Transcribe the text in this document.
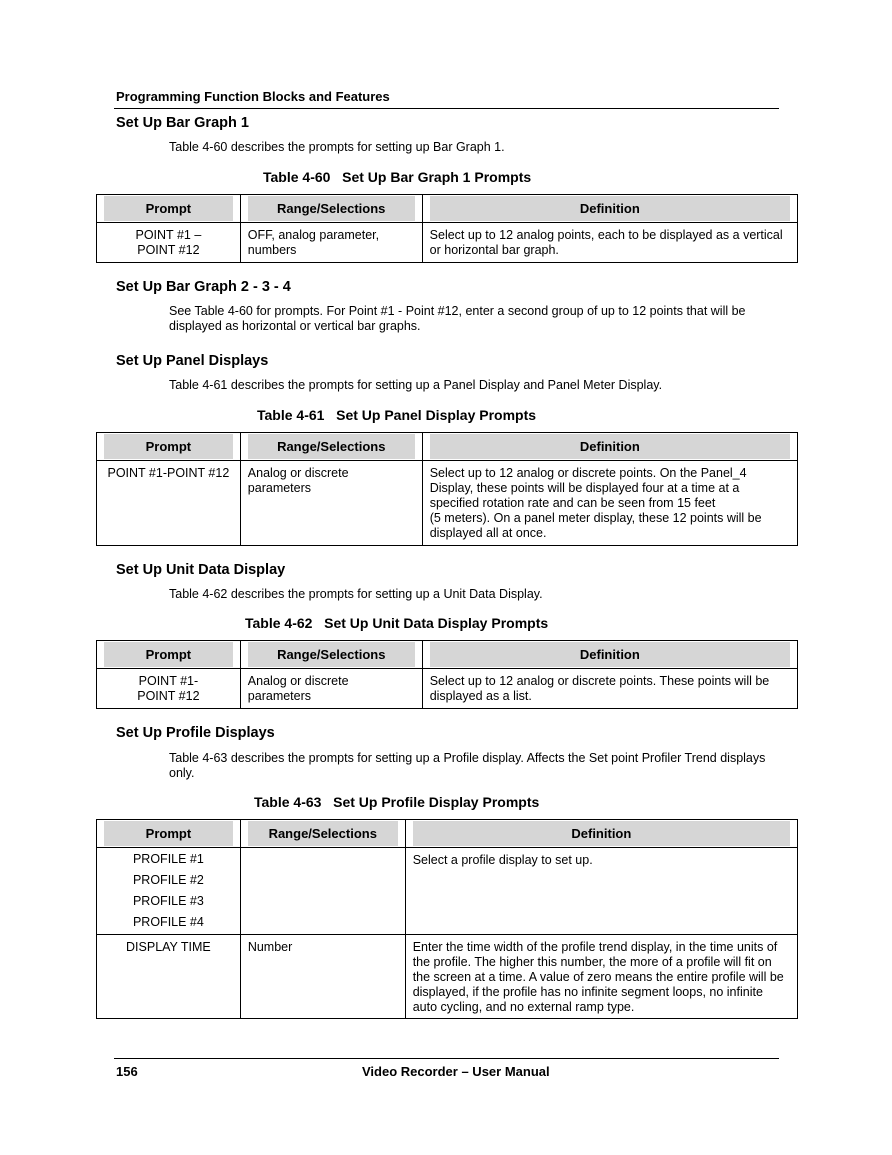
Programming Function Blocks and Features
Set Up Bar Graph 1
Table 4-60 describes the prompts for setting up Bar Graph 1.
Table 4-60   Set Up Bar Graph 1 Prompts
Prompt	Range/Selections	Definition

POINT #1 –
POINT #12	OFF, analog parameter, numbers	Select up to 12 analog points, each to be displayed as a vertical or horizontal bar graph.
Set Up Bar Graph 2 - 3 - 4
See Table 4-60 for prompts. For Point #1 - Point #12, enter a second group of up to 12 points that will be displayed as horizontal or vertical bar graphs.
Set Up Panel Displays
Table 4-61 describes the prompts for setting up a Panel Display and Panel Meter Display.
Table 4-61   Set Up Panel Display Prompts
Prompt	Range/Selections	Definition

POINT #1-POINT #12	Analog or discrete parameters	Select up to 12 analog or discrete points. On the Panel_4 Display, these points will be displayed four at a time at a specified rotation rate and can be seen from 15 feet
(5 meters). On a panel meter display, these 12 points will be displayed all at once.
Set Up Unit Data Display
Table 4-62 describes the prompts for setting up a Unit Data Display.
Table 4-62   Set Up Unit Data Display Prompts
Prompt	Range/Selections	Definition

POINT #1-
POINT #12	Analog or discrete parameters	Select up to 12 analog or discrete points. These points will be displayed as a list.
Set Up Profile Displays
Table 4-63 describes the prompts for setting up a Profile display. Affects the Set point Profiler Trend displays only.
Table 4-63   Set Up Profile Display Prompts
Prompt	Range/Selections	Definition

PROFILE #1
PROFILE #2
PROFILE #3
PROFILE #4		Select a profile display to set up.

DISPLAY TIME	Number	Enter the time width of the profile trend display, in the time units of the profile. The higher this number, the more of a profile will fit on the screen at a time. A value of zero means the entire profile will be displayed, if the profile has no infinite segment loops, no infinite auto cycling, and no external ramp type.
156	Video Recorder – User Manual
